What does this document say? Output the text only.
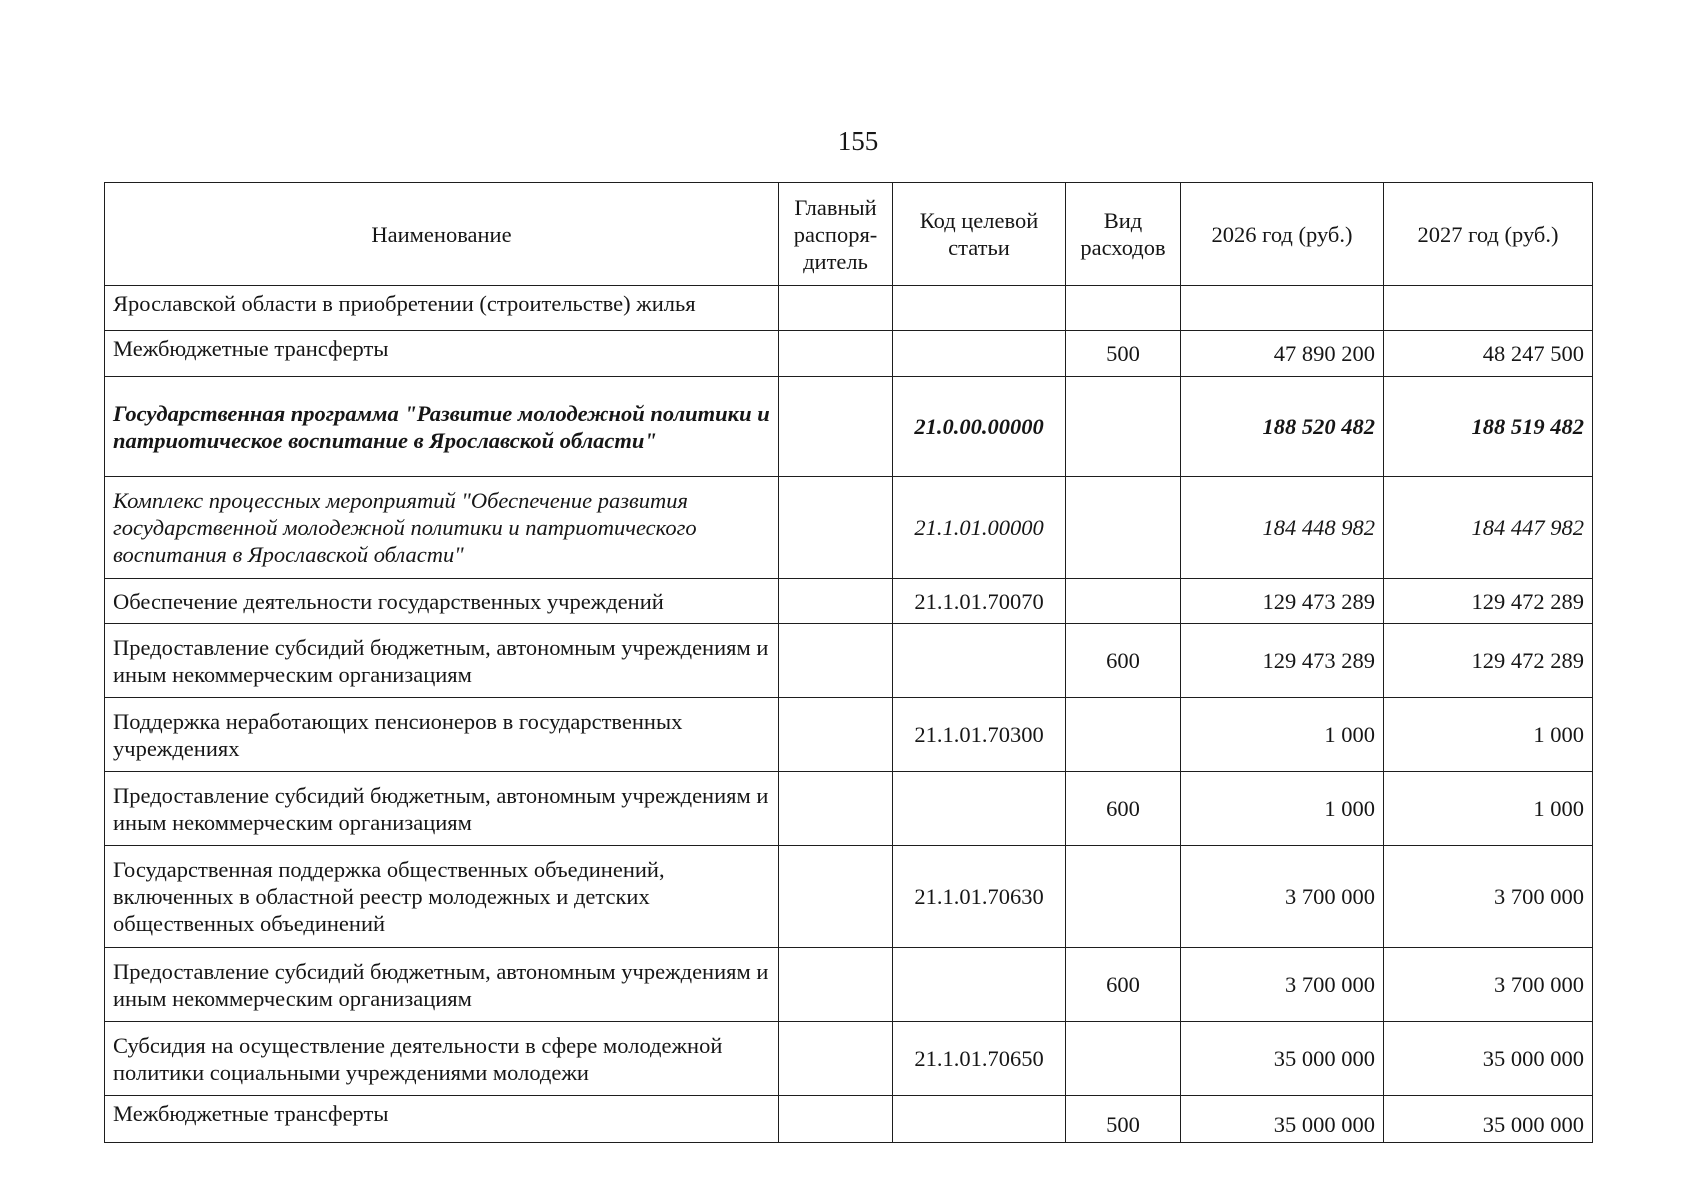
155
Наименование	Главный распоря-дитель	Код целевой статьи	Вид расходов	2026 год (руб.)	2027 год (руб.)
Ярославской области в приобретении (строительстве) жилья					
Межбюджетные трансферты			500	47 890 200	48 247 500
Государственная программа "Развитие молодежной политики и патриотическое воспитание в Ярославской области"		21.0.00.00000		188 520 482	188 519 482
Комплекс процессных мероприятий "Обеспечение развития государственной молодежной политики и патриотического воспитания в Ярославской области"		21.1.01.00000		184 448 982	184 447 982
Обеспечение деятельности государственных учреждений		21.1.01.70070		129 473 289	129 472 289
Предоставление субсидий бюджетным, автономным учреждениям и иным некоммерческим организациям			600	129 473 289	129 472 289
Поддержка неработающих пенсионеров в государственных учреждениях		21.1.01.70300		1 000	1 000
Предоставление субсидий бюджетным, автономным учреждениям и иным некоммерческим организациям			600	1 000	1 000
Государственная поддержка общественных объединений, включенных в областной реестр молодежных и детских общественных объединений		21.1.01.70630		3 700 000	3 700 000
Предоставление субсидий бюджетным, автономным учреждениям и иным некоммерческим организациям			600	3 700 000	3 700 000
Субсидия на осуществление деятельности в сфере молодежной политики социальными учреждениями молодежи		21.1.01.70650		35 000 000	35 000 000
Межбюджетные трансферты			500	35 000 000	35 000 000
